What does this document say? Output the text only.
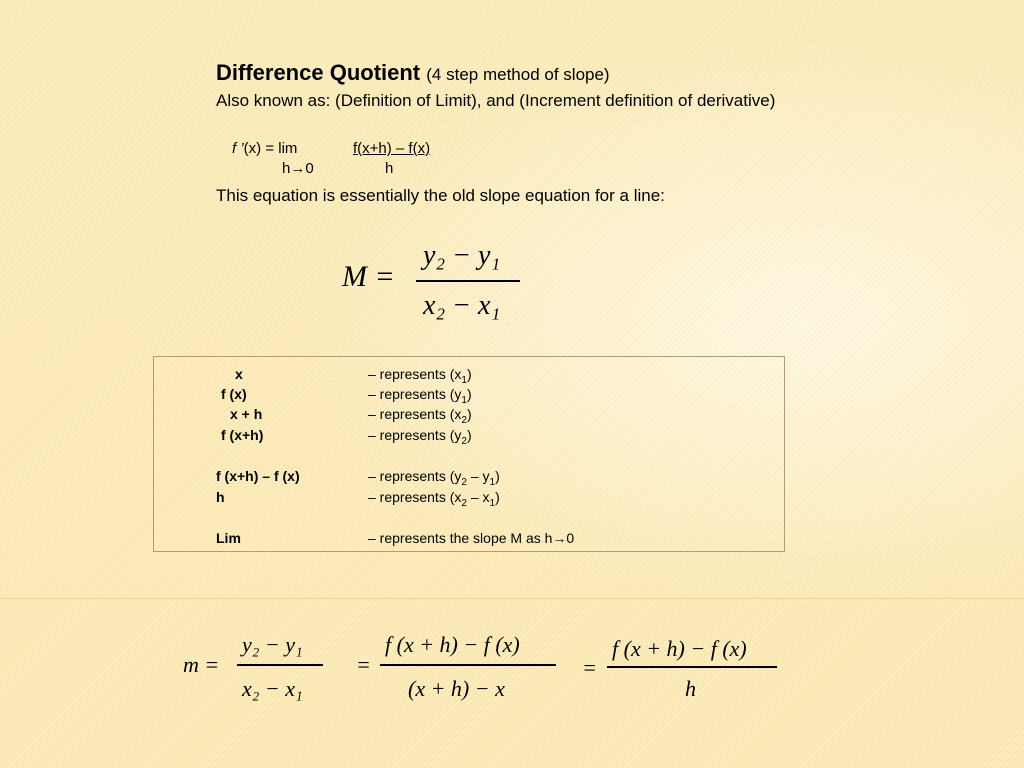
Difference Quotient (4 step method of slope)
Also known as: (Definition of Limit), and (Increment definition of derivative)
f ’(x) = lim	f(x+h) – f(x)
h→0	h
This equation is essentially the old slope equation for a line:
M =
y₂ − y₁
x₂ − x₁
x	– represents $(x_1)$
f (x)	– represents $(y_1)$
x + h	– represents $(x_2)$
f (x+h)	– represents $(y_2)$
f (x+h) – f (x)	– represents $(y_2 - y_1)$
h	– represents $(x_2 - x_1)$
Lim	– represents the slope M as h→0
m =
y₂ − y₁
x₂ − x₁
=
f (x + h) − f (x)
(x + h) − x
=
f (x + h) − f (x)
h
